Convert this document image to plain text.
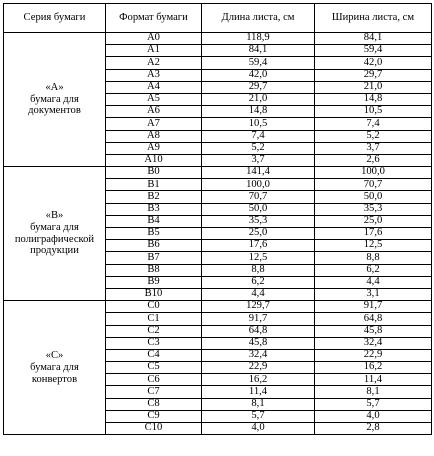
Серия бумаги	Формат бумаги	Длина листа, см	Ширина листа, см

«А»
бумага для
документов	A0	118,9	84,1
	A1	84,1	59,4
	A2	59,4	42,0
	A3	42,0	29,7
	A4	29,7	21,0
	A5	21,0	14,8
	A6	14,8	10,5
	A7	10,5	7,4
	A8	7,4	5,2
	A9	5,2	3,7
	A10	3,7	2,6

«В»
бумага для
полиграфической
продукции	B0	141,4	100,0
	B1	100,0	70,7
	B2	70,7	50,0
	B3	50,0	35,3
	B4	35,3	25,0
	B5	25,0	17,6
	B6	17,6	12,5
	B7	12,5	8,8
	B8	8,8	6,2
	B9	6,2	4,4
	B10	4,4	3,1

«С»
бумага для
конвертов	C0	129,7	91,7
	C1	91,7	64,8
	C2	64,8	45,8
	C3	45,8	32,4
	C4	32,4	22,9
	C5	22,9	16,2
	C6	16,2	11,4
	C7	11,4	8,1
	C8	8,1	5,7
	C9	5,7	4,0
	C10	4,0	2,8
